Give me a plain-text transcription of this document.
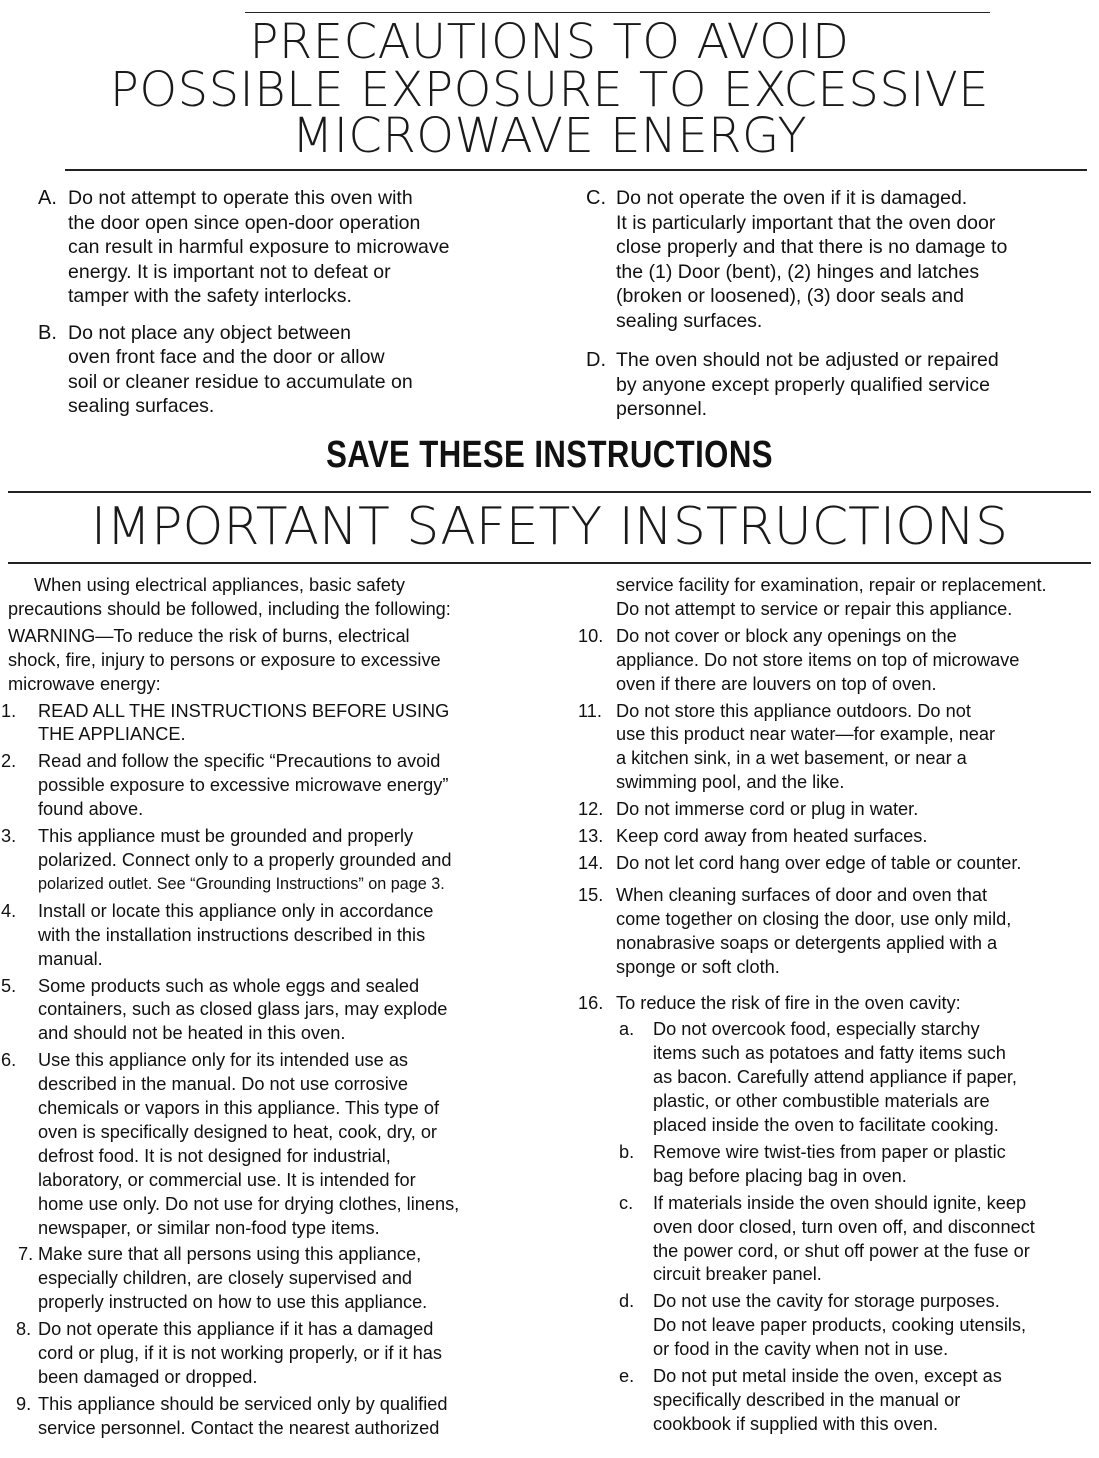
PRECAUTIONS TO AVOID
POSSIBLE EXPOSURE TO EXCESSIVE
MICROWAVE ENERGY
A. Do not attempt to operate this oven with
the door open since open-door operation
can result in harmful exposure to microwave
energy. It is important not to defeat or
tamper with the safety interlocks.
B. Do not place any object between
oven front face and the door or allow
soil or cleaner residue to accumulate on
sealing surfaces.
C. Do not operate the oven if it is damaged.
It is particularly important that the oven door
close properly and that there is no damage to
the (1) Door (bent), (2) hinges and latches
(broken or loosened), (3) door seals and
sealing surfaces.
D. The oven should not be adjusted or repaired
by anyone except properly qualified service
personnel.
SAVE THESE INSTRUCTIONS
IMPORTANT SAFETY INSTRUCTIONS
When using electrical appliances, basic safety
precautions should be followed, including the following:
WARNING—To reduce the risk of burns, electrical
shock, fire, injury to persons or exposure to excessive
microwave energy:
1. READ ALL THE INSTRUCTIONS BEFORE USING
THE APPLIANCE.
2. Read and follow the specific “Precautions to avoid
possible exposure to excessive microwave energy”
found above.
3. This appliance must be grounded and properly
polarized. Connect only to a properly grounded and
polarized outlet. See “Grounding Instructions” on page 3.
4. Install or locate this appliance only in accordance
with the installation instructions described in this
manual.
5. Some products such as whole eggs and sealed
containers, such as closed glass jars, may explode
and should not be heated in this oven.
6. Use this appliance only for its intended use as
described in the manual. Do not use corrosive
chemicals or vapors in this appliance. This type of
oven is specifically designed to heat, cook, dry, or
defrost food. It is not designed for industrial,
laboratory, or commercial use. It is intended for
home use only. Do not use for drying clothes, linens,
newspaper, or similar non-food type items.
7. Make sure that all persons using this appliance,
especially children, are closely supervised and
properly instructed on how to use this appliance.
8. Do not operate this appliance if it has a damaged
cord or plug, if it is not working properly, or if it has
been damaged or dropped.
9. This appliance should be serviced only by qualified
service personnel. Contact the nearest authorized
service facility for examination, repair or replacement.
Do not attempt to service or repair this appliance.
10. Do not cover or block any openings on the
appliance. Do not store items on top of microwave
oven if there are louvers on top of oven.
11. Do not store this appliance outdoors. Do not
use this product near water—for example, near
a kitchen sink, in a wet basement, or near a
swimming pool, and the like.
12. Do not immerse cord or plug in water.
13. Keep cord away from heated surfaces.
14. Do not let cord hang over edge of table or counter.
15. When cleaning surfaces of door and oven that
come together on closing the door, use only mild,
nonabrasive soaps or detergents applied with a
sponge or soft cloth.
16. To reduce the risk of fire in the oven cavity:
a. Do not overcook food, especially starchy
items such as potatoes and fatty items such
as bacon. Carefully attend appliance if paper,
plastic, or other combustible materials are
placed inside the oven to facilitate cooking.
b. Remove wire twist-ties from paper or plastic
bag before placing bag in oven.
c. If materials inside the oven should ignite, keep
oven door closed, turn oven off, and disconnect
the power cord, or shut off power at the fuse or
circuit breaker panel.
d. Do not use the cavity for storage purposes.
Do not leave paper products, cooking utensils,
or food in the cavity when not in use.
e. Do not put metal inside the oven, except as
specifically described in the manual or
cookbook if supplied with this oven.
